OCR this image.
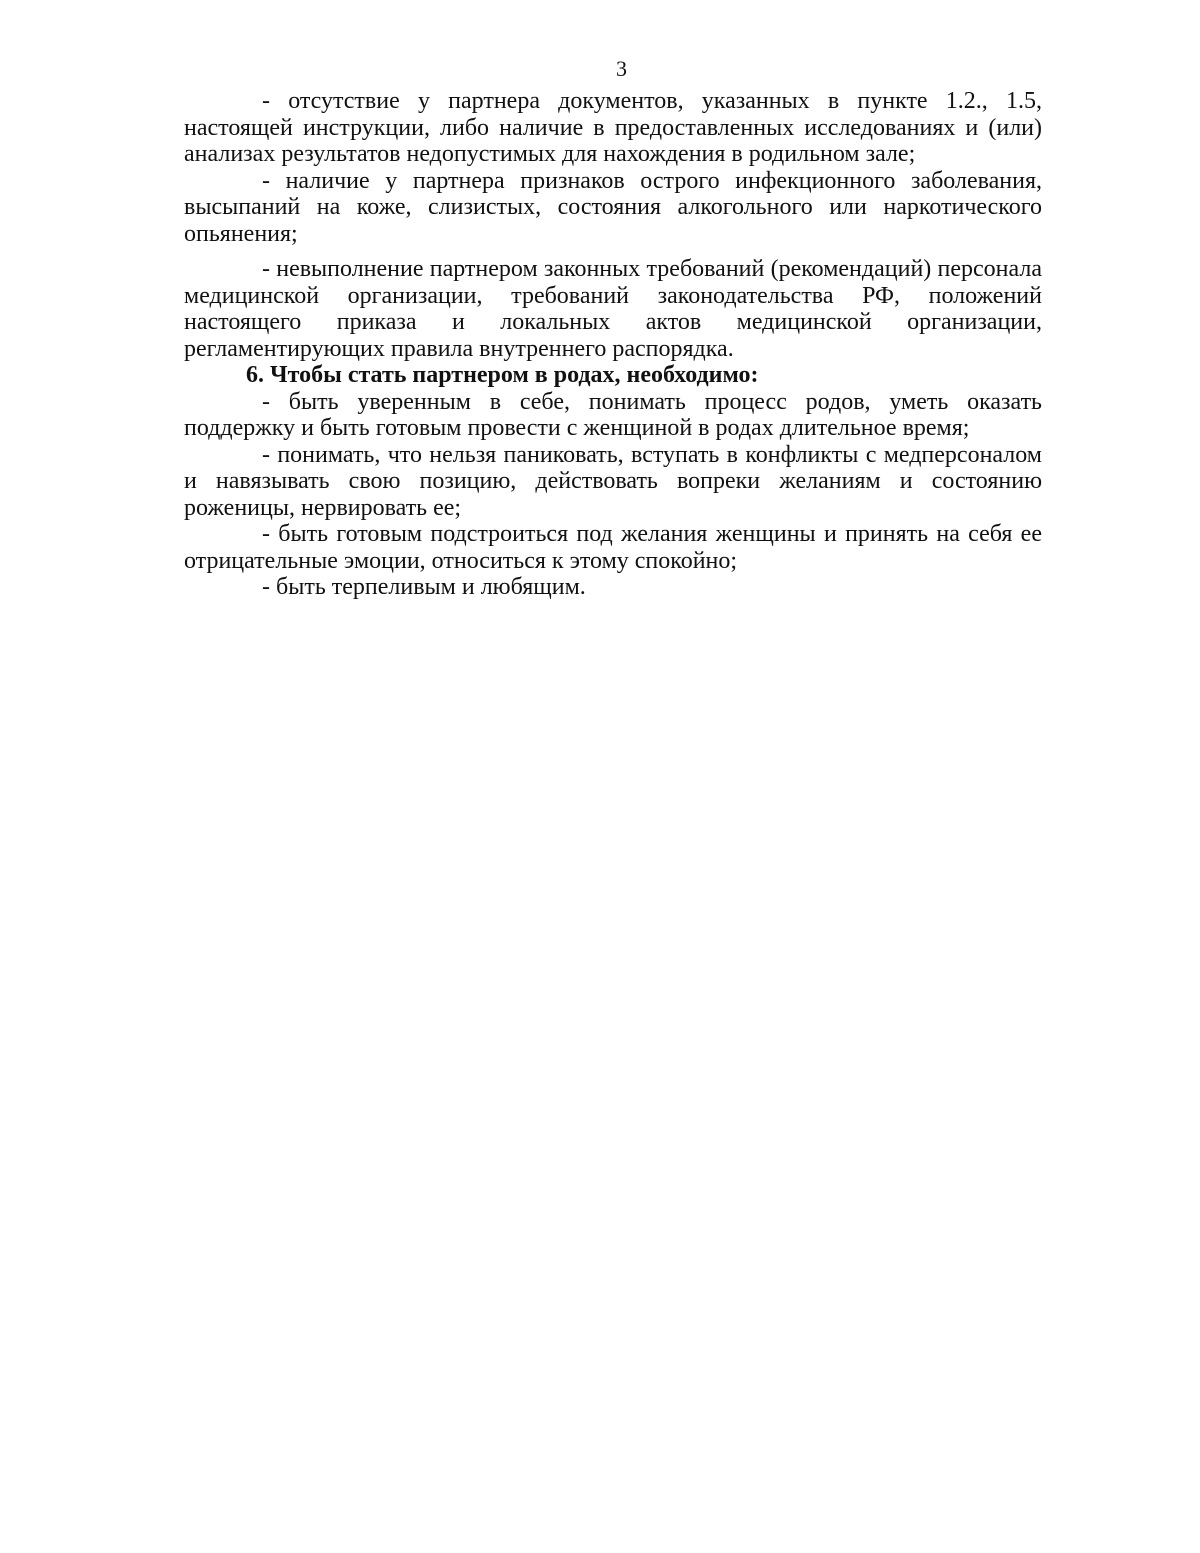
3

- отсутствие у партнера документов, указанных в пункте 1.2., 1.5, настоящей инструкции, либо наличие в предоставленных исследованиях и (или) анализах результатов недопустимых для нахождения в родильном зале;

- наличие у партнера признаков острого инфекционного заболевания, высыпаний на коже, слизистых, состояния алкогольного или наркотического опьянения;

- невыполнение партнером законных требований (рекомендаций) персонала медицинской организации, требований законодательства РФ, положений настоящего приказа и локальных актов медицинской организации, регламентирующих правила внутреннего распорядка.

6. Чтобы стать партнером в родах, необходимо:

- быть уверенным в себе, понимать процесс родов, уметь оказать поддержку и быть готовым провести с женщиной в родах длительное время;

- понимать, что нельзя паниковать, вступать в конфликты с медперсоналом и навязывать свою позицию, действовать вопреки желаниям и состоянию роженицы, нервировать ее;

- быть готовым подстроиться под желания женщины и принять на себя ее отрицательные эмоции, относиться к этому спокойно;

- быть терпеливым и любящим.
